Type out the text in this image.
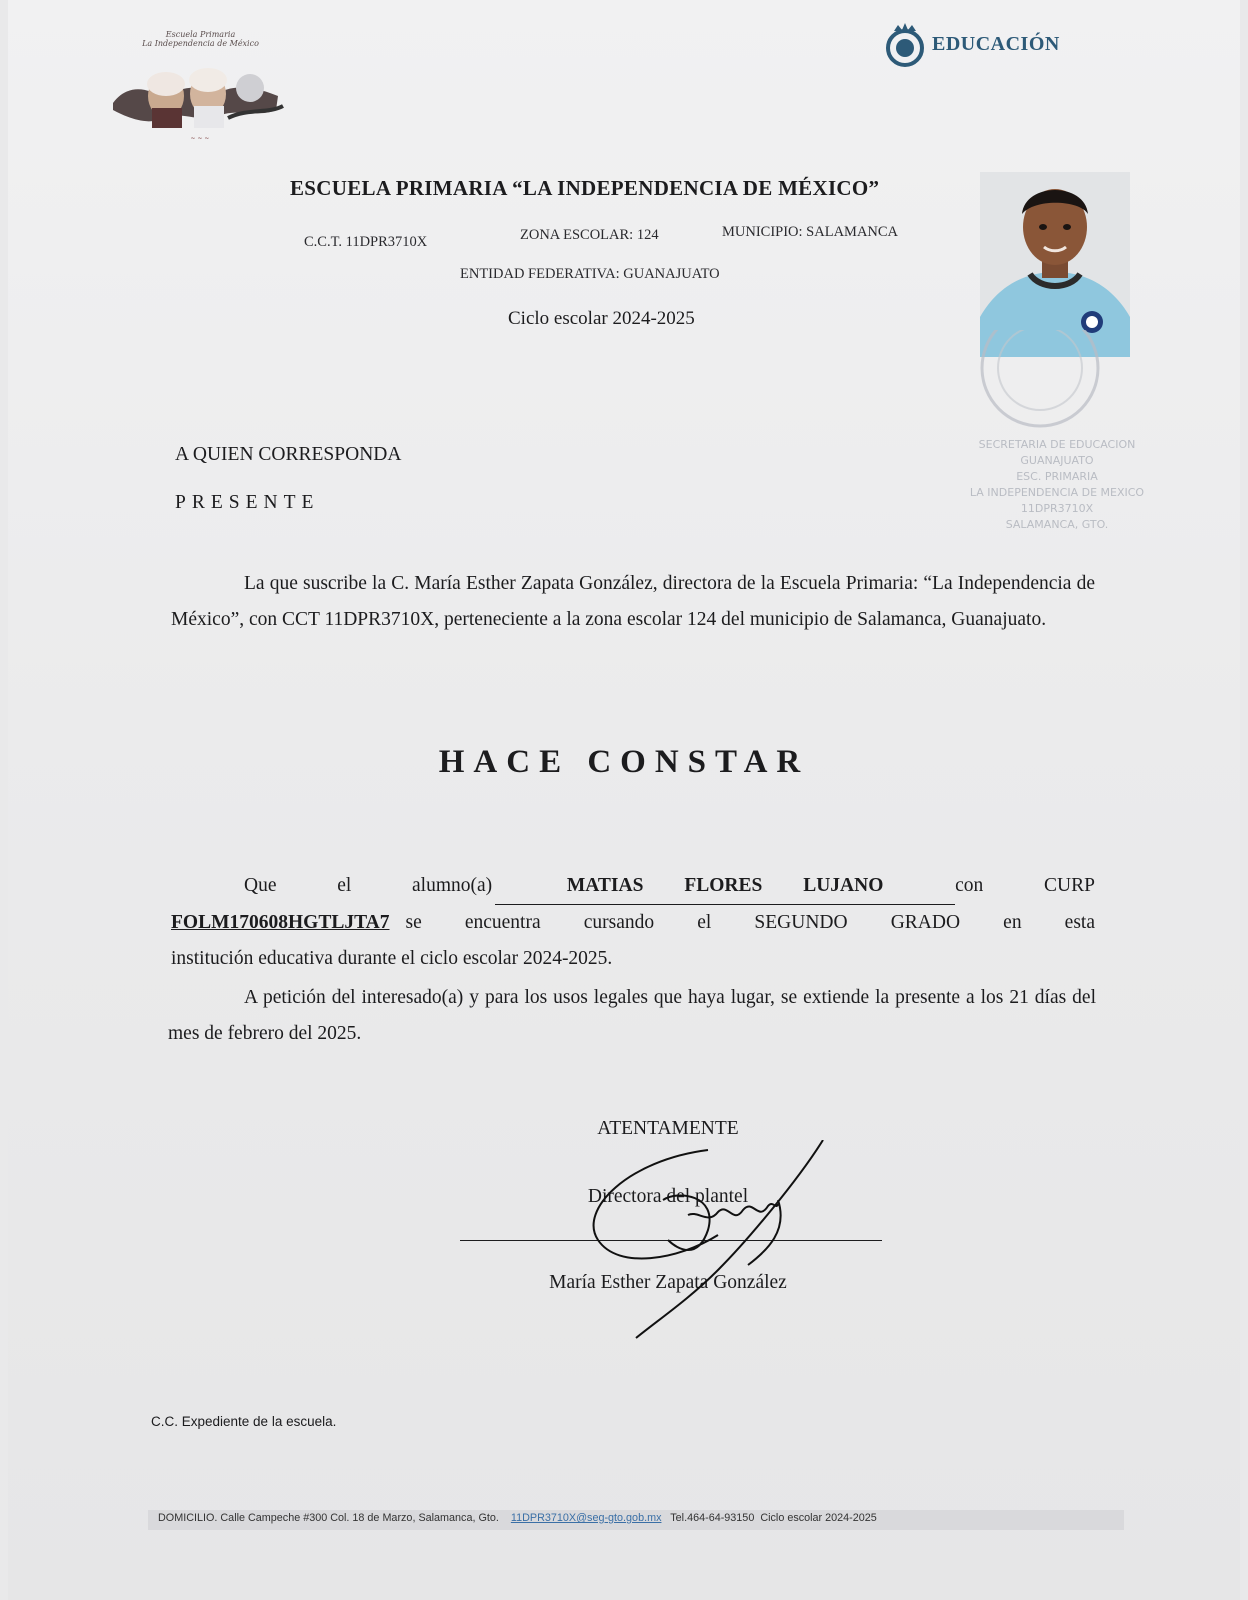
Escuela Primaria
La Independencia de México
~ ~ ~
EDUCACIÓN
ESCUELA PRIMARIA “LA INDEPENDENCIA DE MÉXICO”
C.C.T. 11DPR3710X	ZONA ESCOLAR: 124	MUNICIPIO: SALAMANCA
ENTIDAD FEDERATIVA: GUANAJUATO
Ciclo escolar 2024-2025
SECRETARIA DE EDUCACION
GUANAJUATO
ESC. PRIMARIA
LA INDEPENDENCIA DE MEXICO
11DPR3710X
SALAMANCA, GTO.
A QUIEN CORRESPONDA
PRESENTE
La que suscribe la C. María Esther Zapata González, directora de la Escuela Primaria: “La Independencia de México”, con CCT 11DPR3710X, perteneciente a la zona escolar 124 del municipio de Salamanca, Guanajuato.
HACE CONSTAR
Que	el	alumno(a)	MATIAS FLORES LUJANO	con	CURP
FOLM170608HGTLJTA7 se encuentra cursando el SEGUNDO GRADO en esta
institución educativa durante el ciclo escolar 2024-2025.
A petición del interesado(a) y para los usos legales que haya lugar, se extiende la presente a los 21 días del mes de febrero del 2025.
ATENTAMENTE
Directora del plantel
María Esther Zapata González
C.C. Expediente de la escuela.
DOMICILIO. Calle Campeche #300 Col. 18 de Marzo, Salamanca, Gto. 11DPR3710X@seg-gto.gob.mx Tel.464-64-93150 Ciclo escolar 2024-2025
